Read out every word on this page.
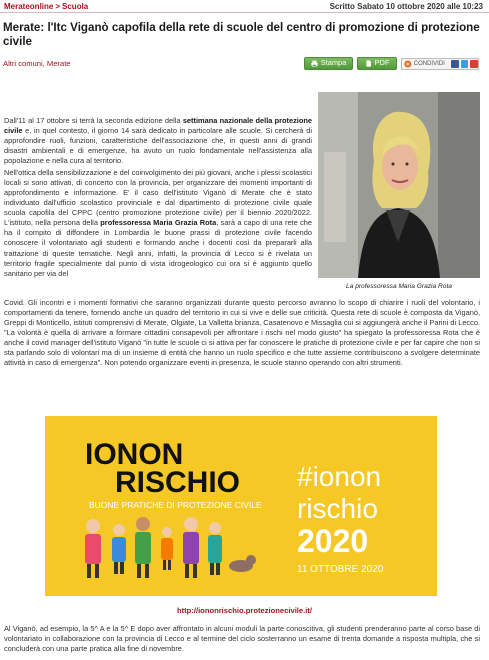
Merateonline > Scuola	Scritto Sabato 10 ottobre 2020 alle 10:23
Merate: l'Itc Viganò capofila della rete di scuole del centro di promozione di protezione civile
Altri comuni, Merate	Stampa	PDF	CONDIVIDI

Dall'11 al 17 ottobre si terrà la seconda edizione della settimana nazionale della protezione civile e, in quel contesto, il giorno 14 sarà dedicato in particolare alle scuole. Si cercherà di approfondire ruoli, funzioni, caratteristiche dell'associazione che, in questi anni di grandi disastri ambientali e di emergenze, ha avuto un ruolo fondamentale nell'assistenza alla popolazione e nella cura al territorio.

Nell'ottica della sensibilizzazione e del coinvolgimento dei più giovani, anche i plessi scolastici locali si sono attivati, di concerto con la provincia, per organizzare dei momenti importanti di approfondimento e informazione. E' il caso dell'istituto Viganò di Merate che è stato individuato dall'ufficio scolastico provinciale e dal dipartimento di protezione civile quale scuola capofila del CPPC (centro promozione protezione civile) per il biennio 2020/2022. L'istituto, nella persona della professoressa Maria Grazia Rota, sarà a capo di una rete che ha il compito di diffondere in Lombardia le buone prassi di protezione civile facendo conoscere il volontariato agli studenti e formando anche i docenti così da prepararli alla trattazione di queste tematiche. Negli anni, infatti, la provincia di Lecco si è rivelata un territorio fragile specialmente dal punto di vista idrogeologico cui ora si è aggiunto quello sanitario per via del

La professoressa Maria Grazia Rota

Covid. Gli incontri e i momenti formativi che saranno organizzati durante questo percorso avranno lo scopo di chiarire i ruoli del volontario, i comportamenti da tenere, fornendo anche un quadro del territorio in cui si vive e delle sue criticità. Questa rete di scuole è composta da Viganò, Greppi di Monticello, istituti comprensivi di Merate, Olgiate, La Valletta brianza, Casatenovo e Missaglia cui si aggiungerà anche il Parini di Lecco. "La volontà è quella di arrivare a formare cittadini consapevoli per affrontare i rischi nel modo giusto" ha spiegato la professoressa Rota che è anche il covid manager dell'istituto Viganò "in tutte le scuole ci si attiva per far conoscere le pratiche di protezione civile e per far capire che non si sta parlando solo di volontari ma di un insieme di entità che hanno un ruolo specifico e che tutte assieme contribuiscono a svolgere determinate attività in caso di emergenza". Non potendo organizzare eventi in presenza, le scuole stanno operando con altri strumenti.

IONON
RISCHIO
BUONE PRATICHE DI PROTEZIONE CIVILE
#ionon
rischio
2020
11 OTTOBRE 2020
http://iononrischio.protezionecivile.it/

Al Viganò, ad esempio, la 5^ A e la 5^ E dopo aver affrontato in alcuni moduli la parte conoscitiva, gli studenti prenderanno parte al corso base di volontariato in collaborazione con la provincia di Lecco e al termine del ciclo sosterranno un esame di trenta domande a risposta multipla, che si concluderà con una parte pratica alla fine di novembre.
